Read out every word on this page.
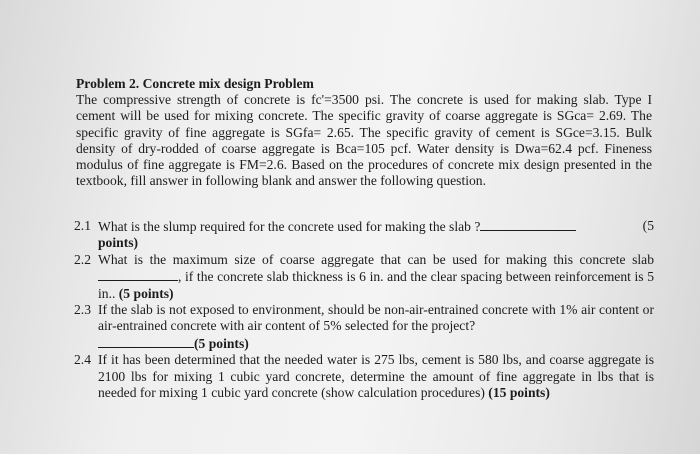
Problem 2. Concrete mix design Problem

The compressive strength of concrete is fc'=3500 psi. The concrete is used for making slab. Type I cement will be used for mixing concrete. The specific gravity of coarse aggregate is SGca= 2.69. The specific gravity of fine aggregate is SGfa= 2.65. The specific gravity of cement is SGce=3.15. Bulk density of dry-rodded of coarse aggregate is Bca=105 pcf. Water density is Dwa=62.4 pcf. Fineness modulus of fine aggregate is FM=2.6. Based on the procedures of concrete mix design presented in the textbook, fill answer in following blank and answer the following question.

2.1 What is the slump required for the concrete used for making the slab ?	(5

points)
2.2 What is the maximum size of coarse aggregate that can be used for making this concrete slab, if the concrete slab thickness is 6 in. and the clear spacing between reinforcement is 5 in.. (5 points)
2.3 If the slab is not exposed to environment, should be non-air-entrained concrete with 1% air content or air-entrained concrete with air content of 5% selected for the project?
(5 points)
2.4 If it has been determined that the needed water is 275 lbs, cement is 580 lbs, and coarse aggregate is 2100 lbs for mixing 1 cubic yard concrete, determine the amount of fine aggregate in lbs that is needed for mixing 1 cubic yard concrete (show calculation procedures) (15 points)
